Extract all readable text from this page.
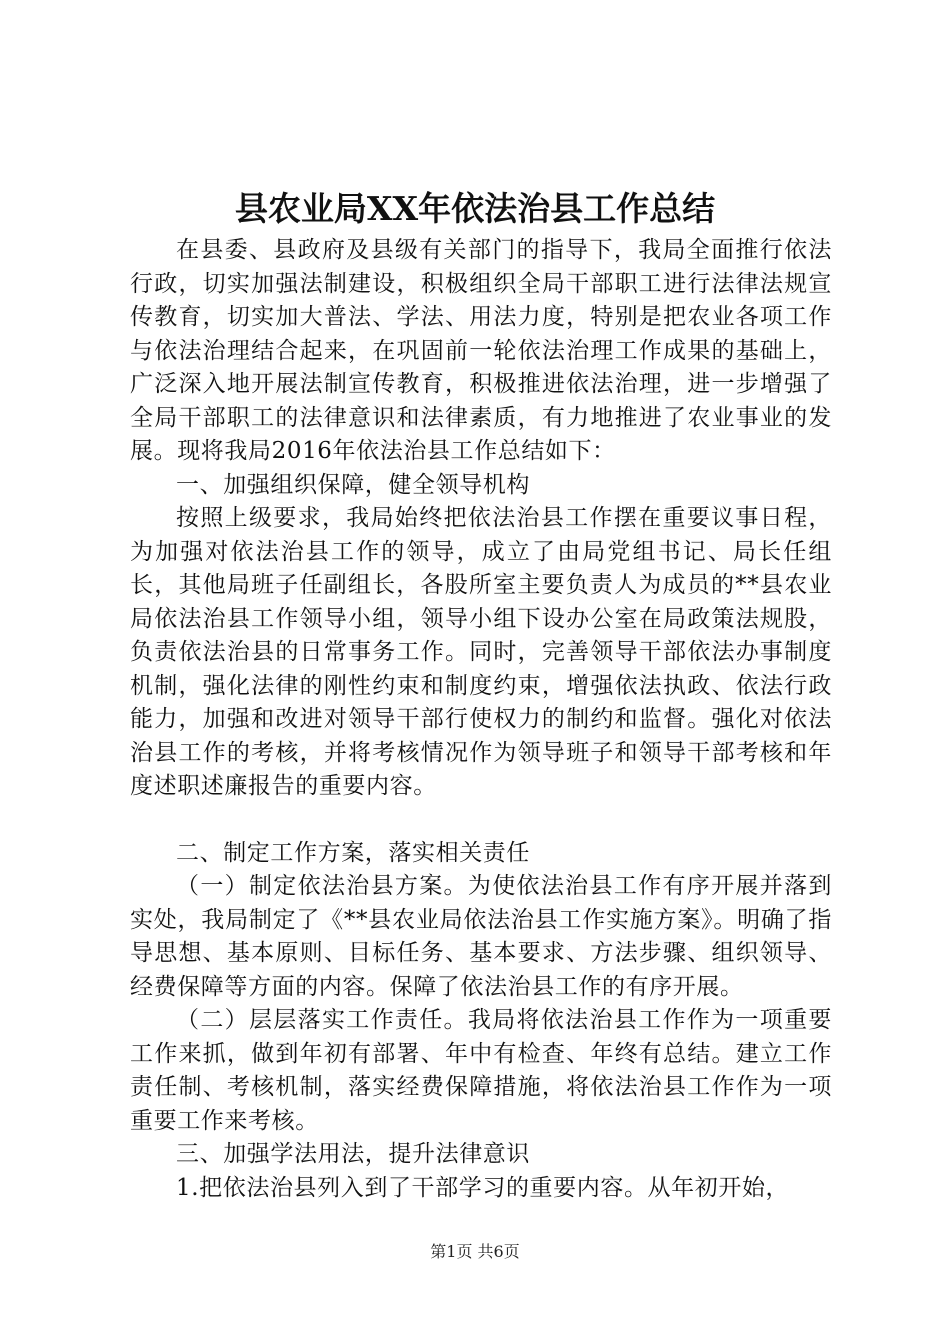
县农业局XX年依法治县工作总结

在县委、县政府及县级有关部门的指导下，我局全面推行依法行政，切实加强法制建设，积极组织全局干部职工进行法律法规宣传教育，切实加大普法、学法、用法力度，特别是把农业各项工作与依法治理结合起来，在巩固前一轮依法治理工作成果的基础上，广泛深入地开展法制宣传教育，积极推进依法治理，进一步增强了全局干部职工的法律意识和法律素质，有力地推进了农业事业的发展。现将我局2016年依法治县工作总结如下：

一、加强组织保障，健全领导机构

按照上级要求，我局始终把依法治县工作摆在重要议事日程，为加强对依法治县工作的领导，成立了由局党组书记、局长任组长，其他局班子任副组长，各股所室主要负责人为成员的**县农业局依法治县工作领导小组，领导小组下设办公室在局政策法规股，负责依法治县的日常事务工作。同时，完善领导干部依法办事制度机制，强化法律的刚性约束和制度约束，增强依法执政、依法行政能力，加强和改进对领导干部行使权力的制约和监督。强化对依法治县工作的考核，并将考核情况作为领导班子和领导干部考核和年度述职述廉报告的重要内容。

二、制定工作方案，落实相关责任

（一）制定依法治县方案。为使依法治县工作有序开展并落到实处，我局制定了《**县农业局依法治县工作实施方案》。明确了指导思想、基本原则、目标任务、基本要求、方法步骤、组织领导、经费保障等方面的内容。保障了依法治县工作的有序开展。

（二）层层落实工作责任。我局将依法治县工作作为一项重要工作来抓，做到年初有部署、年中有检查、年终有总结。建立工作责任制、考核机制，落实经费保障措施，将依法治县工作作为一项重要工作来考核。

三、加强学法用法，提升法律意识

1.把依法治县列入到了干部学习的重要内容。从年初开始，

第1页 共6页
